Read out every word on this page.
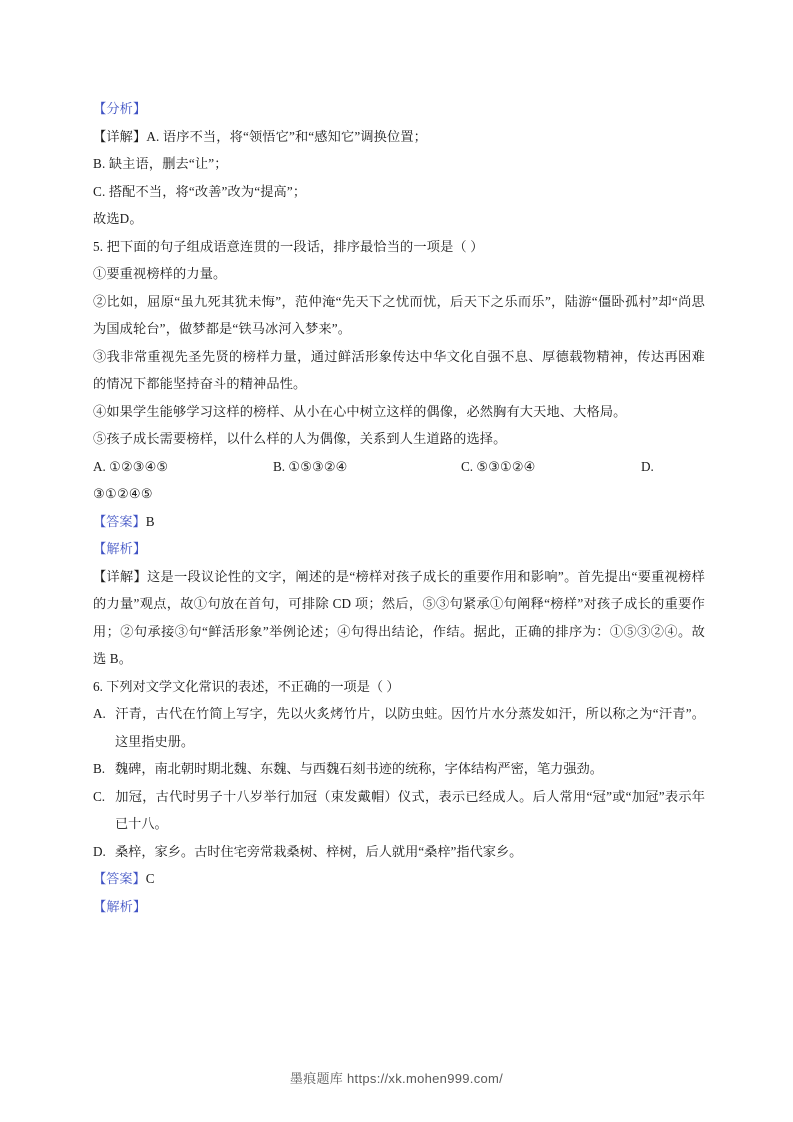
【分析】

【详解】A. 语序不当，将“领悟它”和“感知它”调换位置；

B. 缺主语，删去“让”；

C. 搭配不当，将“改善”改为“提高”；

故选D。

5. 把下面的句子组成语意连贯的一段话，排序最恰当的一项是（ ）

①要重视榜样的力量。

②比如，屈原“虽九死其犹未悔”，范仲淹“先天下之忧而忧，后天下之乐而乐”，陆游“僵卧孤村”却“尚思为国成轮台”，做梦都是“铁马冰河入梦来”。

③我非常重视先圣先贤的榜样力量，通过鲜活形象传达中华文化自强不息、厚德载物精神，传达再困难的情况下都能坚持奋斗的精神品性。

④如果学生能够学习这样的榜样、从小在心中树立这样的偶像，必然胸有大天地、大格局。

⑤孩子成长需要榜样，以什么样的人为偶像，关系到人生道路的选择。

A. ①②③④⑤	B. ①⑤③②④	C. ⑤③①②④	D.

③①②④⑤

【答案】B

【解析】

【详解】这是一段议论性的文字，阐述的是“榜样对孩子成长的重要作用和影响”。首先提出“要重视榜样的力量”观点，故①句放在首句，可排除 CD 项；然后，⑤③句紧承①句阐释“榜样”对孩子成长的重要作用；②句承接③句“鲜活形象”举例论述；④句得出结论，作结。据此，正确的排序为：①⑤③②④。故选 B。

6. 下列对文学文化常识的表述，不正确 · · ·的一项是（ ）

A. 汗青，古代在竹简上写字，先以火炙烤竹片，以防虫蛀。因竹片水分蒸发如汗，所以称之为“汗青”。这里指史册。

B. 魏碑，南北朝时期北魏、东魏、与西魏石刻书迹的统称，字体结构严密，笔力强劲。

C. 加冠，古代时男子十八岁举行加冠（束发戴帽）仪式，表示已经成人。后人常用“冠”或“加冠”表示年已十八。

D. 桑梓，家乡。古时住宅旁常栽桑树、梓树，后人就用“桑梓”指代家乡。

【答案】C

【解析】

墨痕题库 https://xk.mohen999.com/
